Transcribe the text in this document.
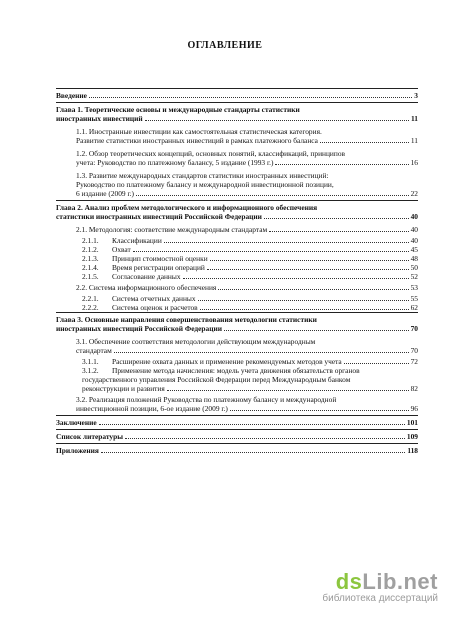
ОГЛАВЛЕНИЕ
Введение	3
Глава 1. Теоретические основы и международные стандарты статистики
иностранных инвестиций	11
1.1. Иностранные инвестиции как самостоятельная статистическая категория.
Развитие статистики иностранных инвестиций в рамках платежного баланса	11
1.2. Обзор теоретических концепций, основных понятий, классификаций, принципов
учета: Руководство по платежному балансу, 5 издание (1993 г.)	16
1.3. Развитие международных стандартов статистики иностранных инвестиций:
Руководство по платежному балансу и международной инвестиционной позиции,
6 издание (2009 г.)	22
Глава 2. Анализ проблем методологического и информационного обеспечения
статистики иностранных инвестиций Российской Федерации	40
2.1. Методология: соответствие международным стандартам	40
2.1.1.	Классификации	40
2.1.2.	Охват	45
2.1.3.	Принцип стоимостной оценки	48
2.1.4.	Время регистрации операций	50
2.1.5.	Согласование данных	52
2.2. Система информационного обеспечения	53
2.2.1.	Система отчетных данных	55
2.2.2.	Система оценок и расчетов	62
Глава 3. Основные направления совершенствования методологии статистики
иностранных инвестиций Российской Федерации	70
3.1. Обеспечение соответствия методологии действующим международным
стандартам	70
3.1.1.	Расширение охвата данных и применение рекомендуемых методов учета	72
3.1.2.	Применение метода начисления: модель учета движения обязательств органов
государственного управления Российской Федерации перед Международным банком
реконструкции и развития	82
3.2. Реализация положений Руководства по платежному балансу и международной
инвестиционной позиции, 6-ое издание (2009 г.)	96
Заключение	101
Список литературы	109
Приложения	118
dsLib.net
библиотека диссертаций
